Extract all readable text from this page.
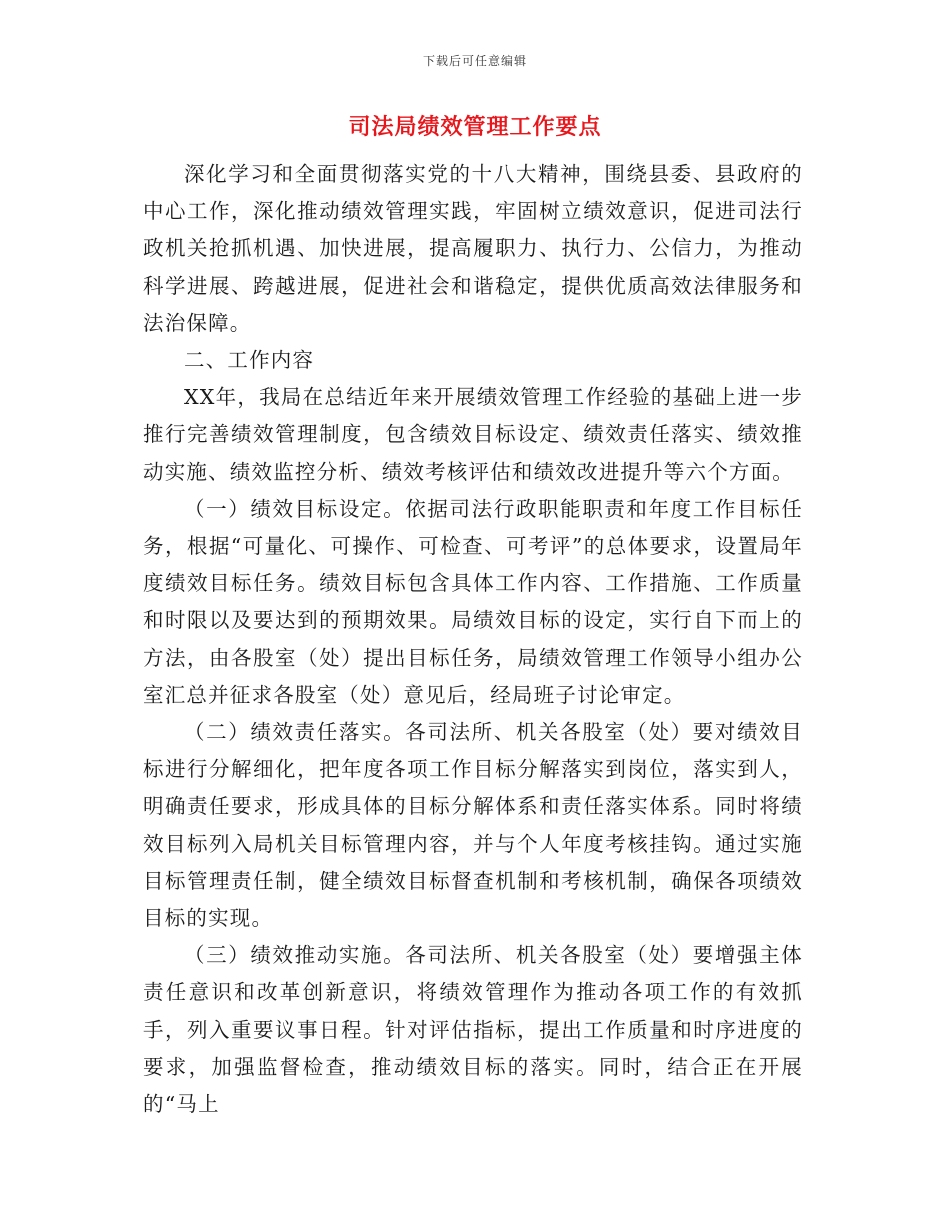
下载后可任意编辑
司法局绩效管理工作要点

深化学习和全面贯彻落实党的十八大精神，围绕县委、县政府的中心工作，深化推动绩效管理实践，牢固树立绩效意识，促进司法行政机关抢抓机遇、加快进展，提高履职力、执行力、公信力，为推动科学进展、跨越进展，促进社会和谐稳定，提供优质高效法律服务和法治保障。

二、工作内容

XX年，我局在总结近年来开展绩效管理工作经验的基础上进一步推行完善绩效管理制度，包含绩效目标设定、绩效责任落实、绩效推动实施、绩效监控分析、绩效考核评估和绩效改进提升等六个方面。

（一）绩效目标设定。依据司法行政职能职责和年度工作目标任务，根据“可量化、可操作、可检查、可考评”的总体要求，设置局年度绩效目标任务。绩效目标包含具体工作内容、工作措施、工作质量和时限以及要达到的预期效果。局绩效目标的设定，实行自下而上的方法，由各股室（处）提出目标任务，局绩效管理工作领导小组办公室汇总并征求各股室（处）意见后，经局班子讨论审定。

（二）绩效责任落实。各司法所、机关各股室（处）要对绩效目标进行分解细化，把年度各项工作目标分解落实到岗位，落实到人，明确责任要求，形成具体的目标分解体系和责任落实体系。同时将绩效目标列入局机关目标管理内容，并与个人年度考核挂钩。通过实施目标管理责任制，健全绩效目标督查机制和考核机制，确保各项绩效目标的实现。

（三）绩效推动实施。各司法所、机关各股室（处）要增强主体责任意识和改革创新意识，将绩效管理作为推动各项工作的有效抓手，列入重要议事日程。针对评估指标，提出工作质量和时序进度的要求，加强监督检查，推动绩效目标的落实。同时，结合正在开展的“马上
